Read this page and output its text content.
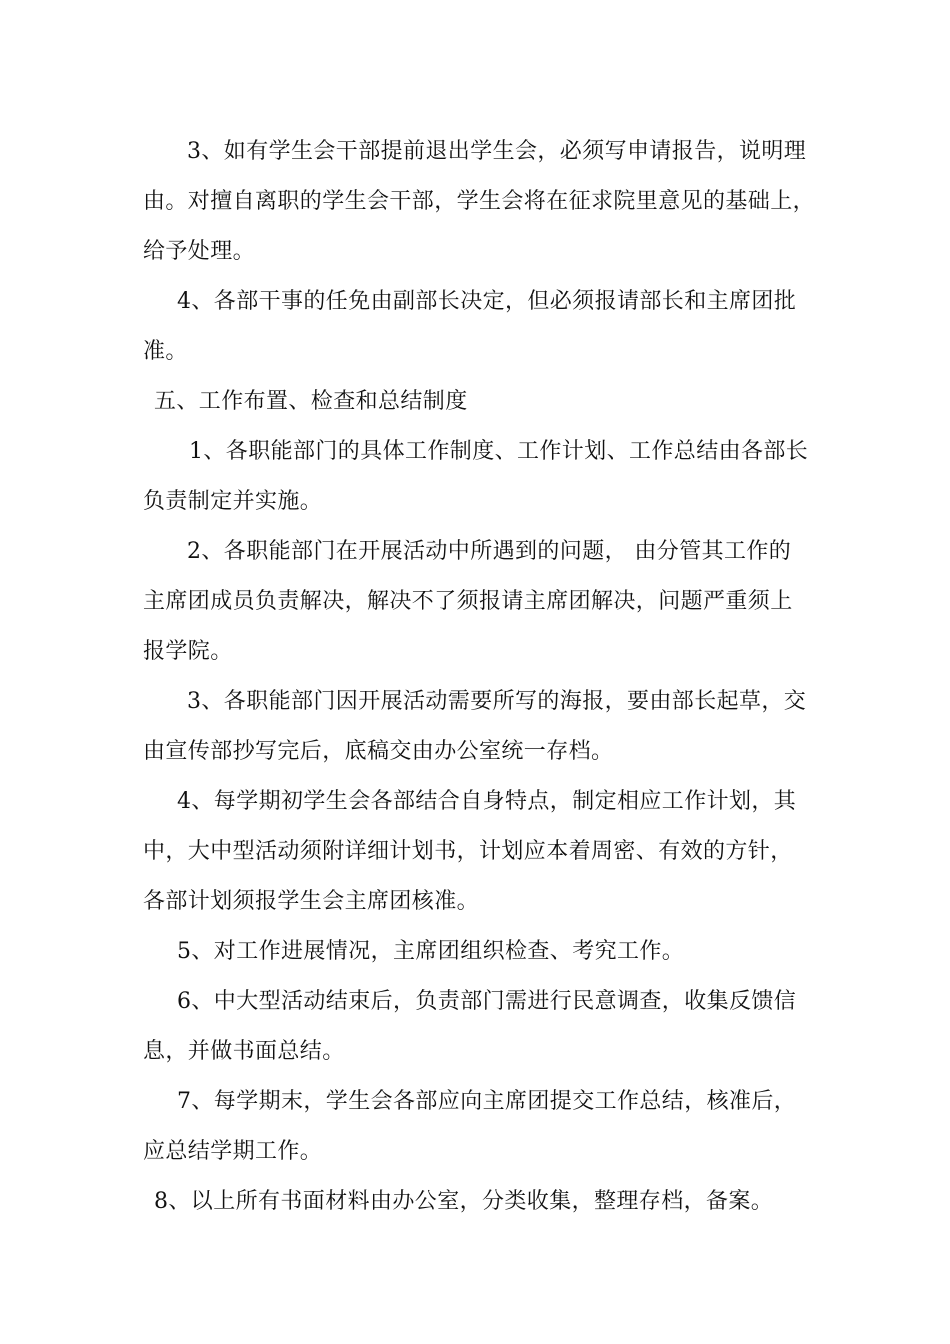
3、如有学生会干部提前退出学生会，必须写申请报告，说明理
由。对擅自离职的学生会干部，学生会将在征求院里意见的基础上，
给予处理。
4、各部干事的任免由副部长决定，但必须报请部长和主席团批
准。
五、工作布置、检查和总结制度
1、各职能部门的具体工作制度、工作计划、工作总结由各部长
负责制定并实施。
2、各职能部门在开展活动中所遇到的问题， 由分管其工作的
主席团成员负责解决，解决不了须报请主席团解决，问题严重须上
报学院。
3、各职能部门因开展活动需要所写的海报，要由部长起草，交
由宣传部抄写完后，底稿交由办公室统一存档。
4、每学期初学生会各部结合自身特点，制定相应工作计划，其
中，大中型活动须附详细计划书，计划应本着周密、有效的方针，
各部计划须报学生会主席团核准。
5、对工作进展情况，主席团组织检查、考究工作。
6、中大型活动结束后，负责部门需进行民意调查，收集反馈信
息，并做书面总结。
7、每学期末，学生会各部应向主席团提交工作总结，核准后，
应总结学期工作。
8、以上所有书面材料由办公室，分类收集，整理存档，备案。
